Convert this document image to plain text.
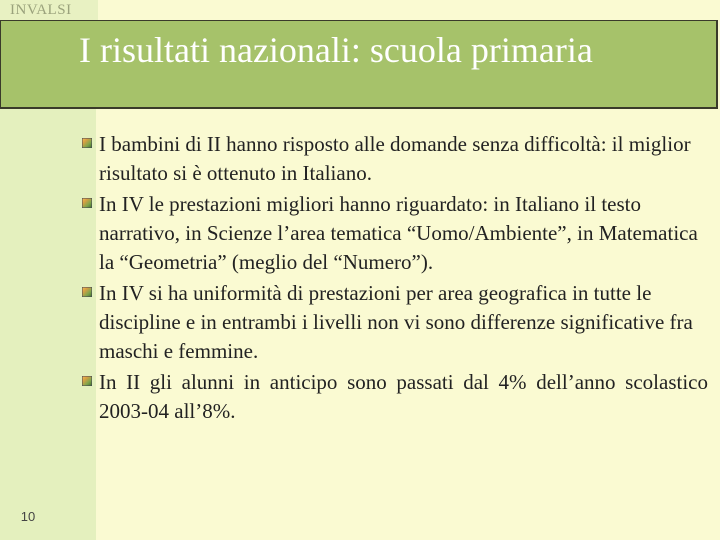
INVALSI
I risultati nazionali: scuola primaria
I bambini di II hanno risposto alle domande senza difficoltà: il miglior risultato si è ottenuto in Italiano.
In IV le prestazioni migliori hanno riguardato: in Italiano il testo narrativo, in Scienze l’area tematica “Uomo/Ambiente”, in Matematica la “Geometria” (meglio del “Numero”).
In IV si ha uniformità di prestazioni per area geografica in tutte le discipline e in entrambi i livelli non vi sono differenze significative fra maschi e femmine.
In II gli alunni in anticipo sono passati dal 4% dell’anno scolastico 2003-04 all’8%.
10
